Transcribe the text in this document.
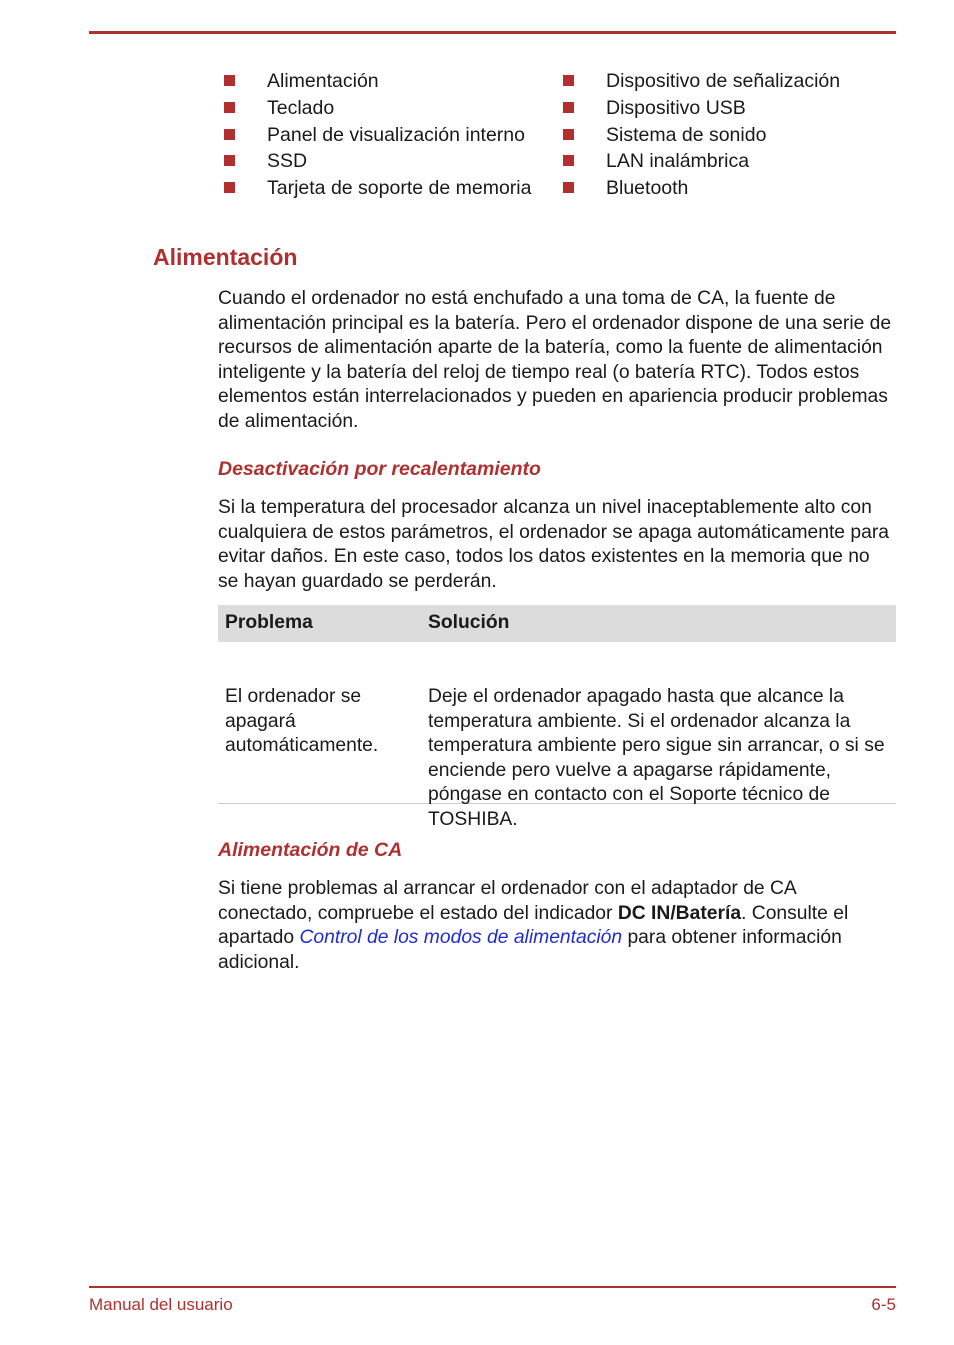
Alimentación
Teclado
Panel de visualización interno
SSD
Tarjeta de soporte de memoria
Dispositivo de señalización
Dispositivo USB
Sistema de sonido
LAN inalámbrica
Bluetooth
Alimentación

Cuando el ordenador no está enchufado a una toma de CA, la fuente de alimentación principal es la batería. Pero el ordenador dispone de una serie de recursos de alimentación aparte de la batería, como la fuente de alimentación inteligente y la batería del reloj de tiempo real (o batería RTC). Todos estos elementos están interrelacionados y pueden en apariencia producir problemas de alimentación.

Desactivación por recalentamiento

Si la temperatura del procesador alcanza un nivel inaceptablemente alto con cualquiera de estos parámetros, el ordenador se apaga automáticamente para evitar daños. En este caso, todos los datos existentes en la memoria que no se hayan guardado se perderán.

Problema	Solución
El ordenador se apagará automáticamente.
Deje el ordenador apagado hasta que alcance la temperatura ambiente. Si el ordenador alcanza la temperatura ambiente pero sigue sin arrancar, o si se enciende pero vuelve a apagarse rápidamente, póngase en contacto con el Soporte técnico de TOSHIBA.
Alimentación de CA

Si tiene problemas al arrancar el ordenador con el adaptador de CA conectado, compruebe el estado del indicador DC IN/Batería. Consulte el apartado Control de los modos de alimentación para obtener información adicional.

Manual del usuario	6-5
